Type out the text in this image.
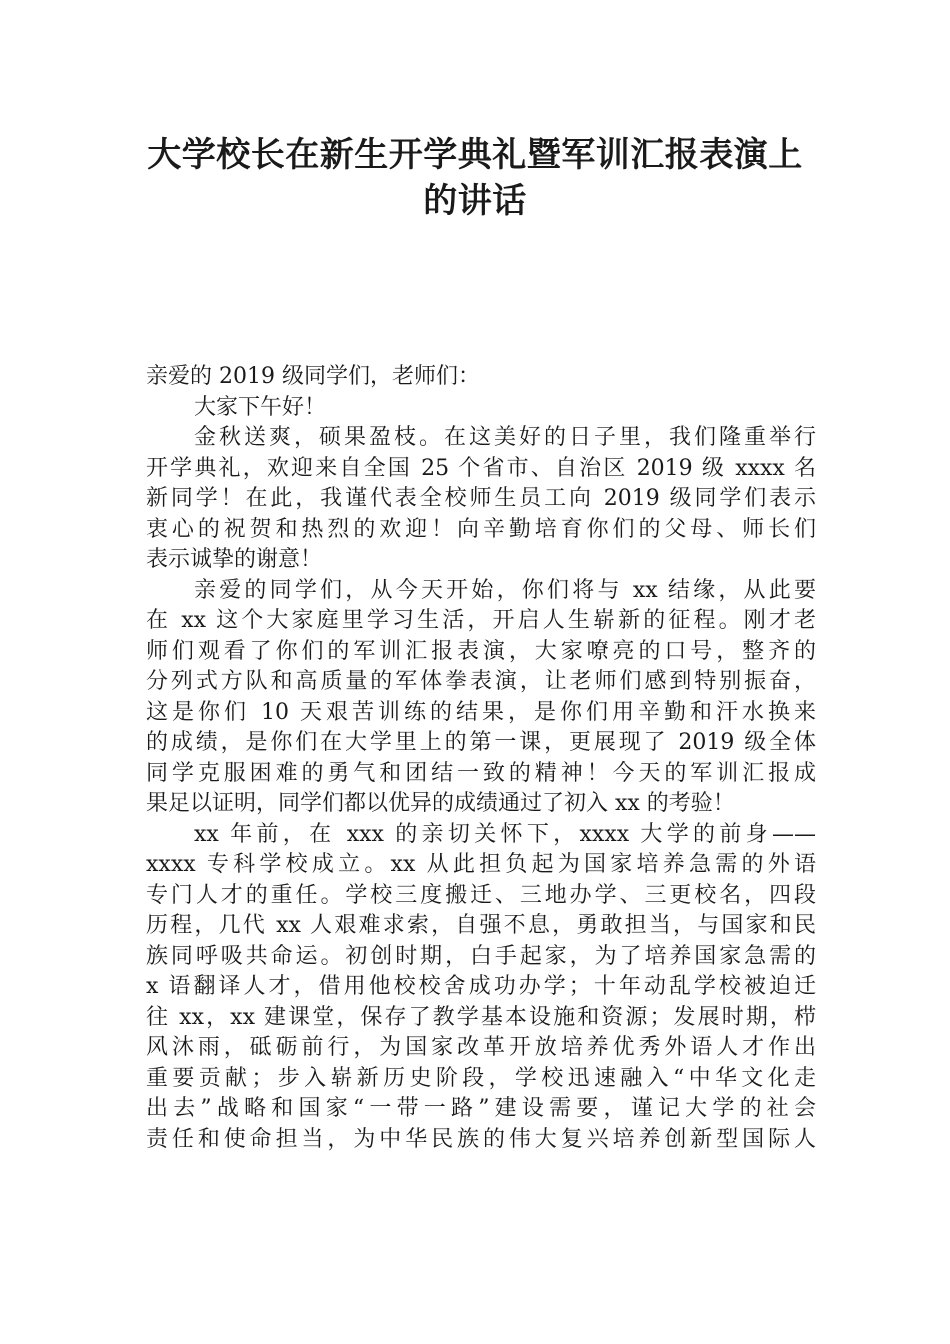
大学校长在新生开学典礼暨军训汇报表演上
的讲话
亲爱的 2019 级同学们，老师们：
大家下午好！
金秋送爽，硕果盈枝。在这美好的日子里，我们隆重举行
开学典礼，欢迎来自全国 25 个省市、自治区 2019 级 xxxx 名
新同学！在此，我谨代表全校师生员工向 2019 级同学们表示
衷心的祝贺和热烈的欢迎！向辛勤培育你们的父母、师长们
表示诚挚的谢意！
亲爱的同学们，从今天开始，你们将与 xx 结缘，从此要
在 xx 这个大家庭里学习生活，开启人生崭新的征程。刚才老
师们观看了你们的军训汇报表演，大家嘹亮的口号，整齐的
分列式方队和高质量的军体拳表演，让老师们感到特别振奋，
这是你们 10 天艰苦训练的结果，是你们用辛勤和汗水换来
的成绩，是你们在大学里上的第一课，更展现了 2019 级全体
同学克服困难的勇气和团结一致的精神！今天的军训汇报成
果足以证明，同学们都以优异的成绩通过了初入 xx 的考验！
xx 年前，在 xxx 的亲切关怀下，xxxx 大学的前身——
xxxx 专科学校成立。xx 从此担负起为国家培养急需的外语
专门人才的重任。学校三度搬迁、三地办学、三更校名，四段
历程，几代 xx 人艰难求索，自强不息，勇敢担当，与国家和民
族同呼吸共命运。初创时期，白手起家，为了培养国家急需的
x 语翻译人才，借用他校校舍成功办学；十年动乱学校被迫迁
往 xx，xx 建课堂，保存了教学基本设施和资源；发展时期，栉
风沐雨，砥砺前行，为国家改革开放培养优秀外语人才作出
重要贡献；步入崭新历史阶段，学校迅速融入“中华文化走
出去”战略和国家“一带一路”建设需要，谨记大学的社会
责任和使命担当，为中华民族的伟大复兴培养创新型国际人
